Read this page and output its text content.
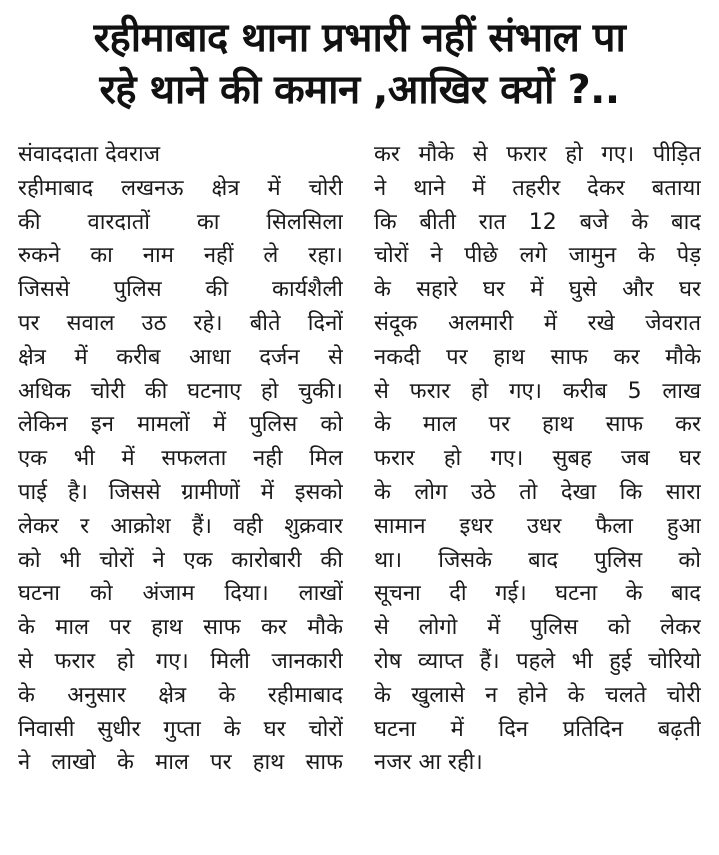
रहीमाबाद थाना प्रभारी नहीं संभाल पा
रहे थाने की कमान ,आखिर क्यों ?..
संवाददाता देवराज
रहीमाबाद लखनऊ क्षेत्र में चोरी
की वारदातों का सिलसिला
रुकने का नाम नहीं ले रहा।
जिससे पुलिस की कार्यशैली
पर सवाल उठ रहे। बीते दिनों
क्षेत्र में करीब आधा दर्जन से
अधिक चोरी की घटनाए हो चुकी।
लेकिन इन मामलों में पुलिस को
एक भी में सफलता नही मिल
पाई है। जिससे ग्रामीणों में इसको
लेकर र आक्रोश हैं। वही शुक्रवार
को भी चोरों ने एक कारोबारी की
घटना को अंजाम दिया। लाखों
के माल पर हाथ साफ कर मौके
से फरार हो गए। मिली जानकारी
के अनुसार क्षेत्र के रहीमाबाद
निवासी सुधीर गुप्ता के घर चोरों
ने लाखो के माल पर हाथ साफ
कर मौके से फरार हो गए। पीड़ित
ने थाने में तहरीर देकर बताया
कि बीती रात 12 बजे के बाद
चोरों ने पीछे लगे जामुन के पेड़
के सहारे घर में घुसे और घर
संदूक अलमारी में रखे जेवरात
नकदी पर हाथ साफ कर मौके
से फरार हो गए। करीब 5 लाख
के माल पर हाथ साफ कर
फरार हो गए। सुबह जब घर
के लोग उठे तो देखा कि सारा
सामान इधर उधर फैला हुआ
था। जिसके बाद पुलिस को
सूचना दी गई। घटना के बाद
से लोगो में पुलिस को लेकर
रोष व्याप्त हैं। पहले भी हुई चोरियो
के खुलासे न होने के चलते चोरी
घटना में दिन प्रतिदिन बढ़ती
नजर आ रही।
